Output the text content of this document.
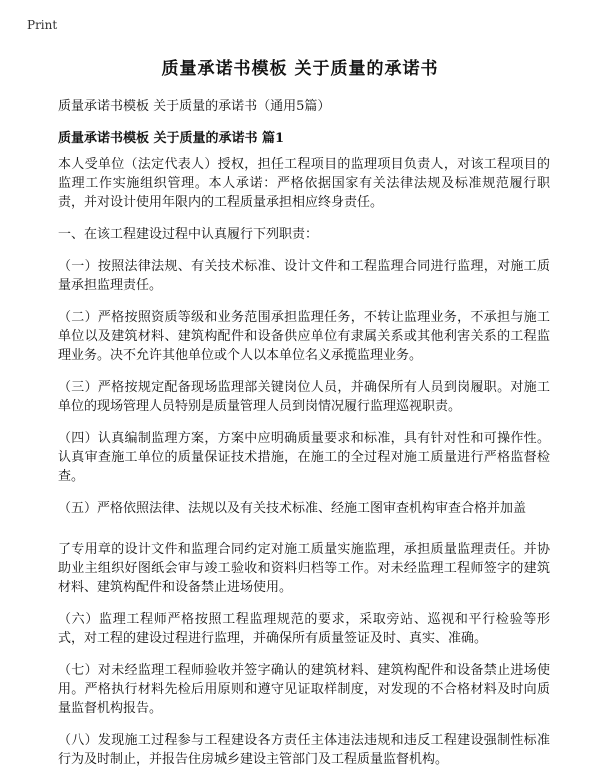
Print
质量承诺书模板 关于质量的承诺书
质量承诺书模板 关于质量的承诺书（通用5篇）
质量承诺书模板 关于质量的承诺书 篇1

本人受单位（法定代表人）授权，担任工程项目的监理项目负责人，对该工程项目的监理工作实施组织管理。本人承诺：严格依据国家有关法律法规及标准规范履行职责，并对设计使用年限内的工程质量承担相应终身责任。

一、在该工程建设过程中认真履行下列职责：

（一）按照法律法规、有关技术标准、设计文件和工程监理合同进行监理，对施工质量承担监理责任。

（二）严格按照资质等级和业务范围承担监理任务，不转让监理业务，不承担与施工单位以及建筑材料、建筑构配件和设备供应单位有隶属关系或其他利害关系的工程监理业务。决不允许其他单位或个人以本单位名义承揽监理业务。

（三）严格按规定配备现场监理部关键岗位人员，并确保所有人员到岗履职。对施工单位的现场管理人员特别是质量管理人员到岗情况履行监理巡视职责。

（四）认真编制监理方案，方案中应明确质量要求和标准，具有针对性和可操作性。认真审查施工单位的质量保证技术措施，在施工的全过程对施工质量进行严格监督检查。

（五）严格依照法律、法规以及有关技术标准、经施工图审查机构审查合格并加盖

了专用章的设计文件和监理合同约定对施工质量实施监理，承担质量监理责任。并协助业主组织好图纸会审与竣工验收和资料归档等工作。对未经监理工程师签字的建筑材料、建筑构配件和设备禁止进场使用。

（六）监理工程师严格按照工程监理规范的要求，采取旁站、巡视和平行检验等形式，对工程的建设过程进行监理，并确保所有质量签证及时、真实、准确。

（七）对未经监理工程师验收并签字确认的建筑材料、建筑构配件和设备禁止进场使用。严格执行材料先检后用原则和遵守见证取样制度，对发现的不合格材料及时向质量监督机构报告。

（八）发现施工过程参与工程建设各方责任主体违法违规和违反工程建设强制性标准行为及时制止，并报告住房城乡建设主管部门及工程质量监督机构。
